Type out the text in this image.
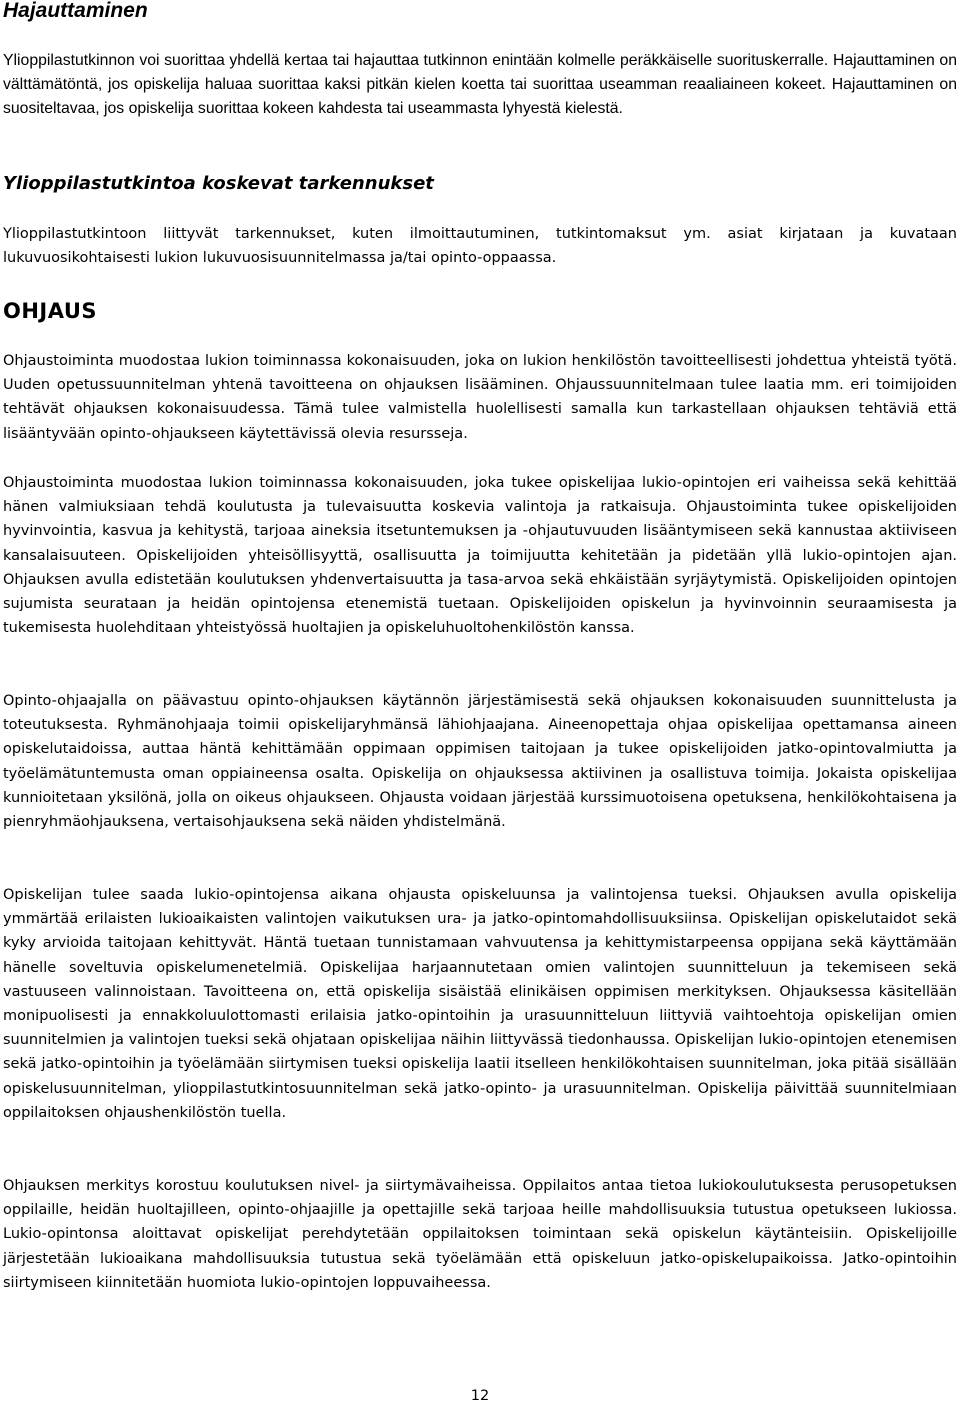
Hajauttaminen

Ylioppilastutkinnon voi suorittaa yhdellä kertaa tai hajauttaa tutkinnon enintään kolmelle peräkkäiselle suorituskerralle. Hajauttaminen on välttämätöntä, jos opiskelija haluaa suorittaa kaksi pitkän kielen koetta tai suorittaa useamman reaaliaineen kokeet. Hajauttaminen on suositeltavaa, jos opiskelija suorittaa kokeen kahdesta tai useammasta lyhyestä kielestä.

Ylioppilastutkintoa koskevat tarkennukset

Ylioppilastutkintoon liittyvät tarkennukset, kuten ilmoittautuminen, tutkintomaksut ym. asiat kirjataan ja kuvataan lukuvuosikohtaisesti lukion lukuvuosisuunnitelmassa ja/tai opinto-oppaassa.

OHJAUS

Ohjaustoiminta muodostaa lukion toiminnassa kokonaisuuden, joka on lukion henkilöstön tavoitteellisesti johdettua yhteistä työtä. Uuden opetussuunnitelman yhtenä tavoitteena on ohjauksen lisääminen. Ohjaussuunnitelmaan tulee laatia mm. eri toimijoiden tehtävät ohjauksen kokonaisuudessa. Tämä tulee valmistella huolellisesti samalla kun tarkastellaan ohjauksen tehtäviä että lisääntyvään opinto-ohjaukseen käytettävissä olevia resursseja.

Ohjaustoiminta muodostaa lukion toiminnassa kokonaisuuden, joka tukee opiskelijaa lukio-opintojen eri vaiheissa sekä kehittää hänen valmiuksiaan tehdä koulutusta ja tulevaisuutta koskevia valintoja ja ratkaisuja. Ohjaustoiminta tukee opiskelijoiden hyvinvointia, kasvua ja kehitystä, tarjoaa aineksia itsetuntemuksen ja -ohjautuvuuden lisääntymiseen sekä kannustaa aktiiviseen kansalaisuuteen. Opiskelijoiden yhteisöllisyyttä, osallisuutta ja toimijuutta kehitetään ja pidetään yllä lukio-opintojen ajan. Ohjauksen avulla edistetään koulutuksen yhdenvertaisuutta ja tasa-arvoa sekä ehkäistään syrjäytymistä. Opiskelijoiden opintojen sujumista seurataan ja heidän opintojensa etenemistä tuetaan. Opiskelijoiden opiskelun ja hyvinvoinnin seuraamisesta ja tukemisesta huolehditaan yhteistyössä huoltajien ja opiskeluhuoltohenkilöstön kanssa.

Opinto-ohjaajalla on päävastuu opinto-ohjauksen käytännön järjestämisestä sekä ohjauksen kokonaisuuden suunnittelusta ja toteutuksesta. Ryhmänohjaaja toimii opiskelijaryhmänsä lähiohjaajana. Aineenopettaja ohjaa opiskelijaa opettamansa aineen opiskelutaidoissa, auttaa häntä kehittämään oppimaan oppimisen taitojaan ja tukee opiskelijoiden jatko-opintovalmiutta ja työelämätuntemusta oman oppiaineensa osalta. Opiskelija on ohjauksessa aktiivinen ja osallistuva toimija. Jokaista opiskelijaa kunnioitetaan yksilönä, jolla on oikeus ohjaukseen. Ohjausta voidaan järjestää kurssimuotoisena opetuksena, henkilökohtaisena ja pienryhmäohjauksena, vertaisohjauksena sekä näiden yhdistelmänä.

Opiskelijan tulee saada lukio-opintojensa aikana ohjausta opiskeluunsa ja valintojensa tueksi. Ohjauksen avulla opiskelija ymmärtää erilaisten lukioaikaisten valintojen vaikutuksen ura- ja jatko-opintomahdollisuuksiinsa. Opiskelijan opiskelutaidot sekä kyky arvioida taitojaan kehittyvät. Häntä tuetaan tunnistamaan vahvuutensa ja kehittymistarpeensa oppijana sekä käyttämään hänelle soveltuvia opiskelumenetelmiä. Opiskelijaa harjaannutetaan omien valintojen suunnitteluun ja tekemiseen sekä vastuuseen valinnoistaan. Tavoitteena on, että opiskelija sisäistää elinikäisen oppimisen merkityksen. Ohjauksessa käsitellään monipuolisesti ja ennakkoluulottomasti erilaisia jatko-opintoihin ja urasuunnitteluun liittyviä vaihtoehtoja opiskelijan omien suunnitelmien ja valintojen tueksi sekä ohjataan opiskelijaa näihin liittyvässä tiedonhaussa. Opiskelijan lukio-opintojen etenemisen sekä jatko-opintoihin ja työelämään siirtymisen tueksi opiskelija laatii itselleen henkilökohtaisen suunnitelman, joka pitää sisällään opiskelusuunnitelman, ylioppilastutkintosuunnitelman sekä jatko-opinto- ja urasuunnitelman. Opiskelija päivittää suunnitelmiaan oppilaitoksen ohjaushenkilöstön tuella.

Ohjauksen merkitys korostuu koulutuksen nivel- ja siirtymävaiheissa. Oppilaitos antaa tietoa lukiokoulutuksesta perusopetuksen oppilaille, heidän huoltajilleen, opinto-ohjaajille ja opettajille sekä tarjoaa heille mahdollisuuksia tutustua opetukseen lukiossa. Lukio-opintonsa aloittavat opiskelijat perehdytetään oppilaitoksen toimintaan sekä opiskelun käytänteisiin. Opiskelijoille järjestetään lukioaikana mahdollisuuksia tutustua sekä työelämään että opiskeluun jatko-opiskelupaikoissa. Jatko-opintoihin siirtymiseen kiinnitetään huomiota lukio-opintojen loppuvaiheessa.

12
